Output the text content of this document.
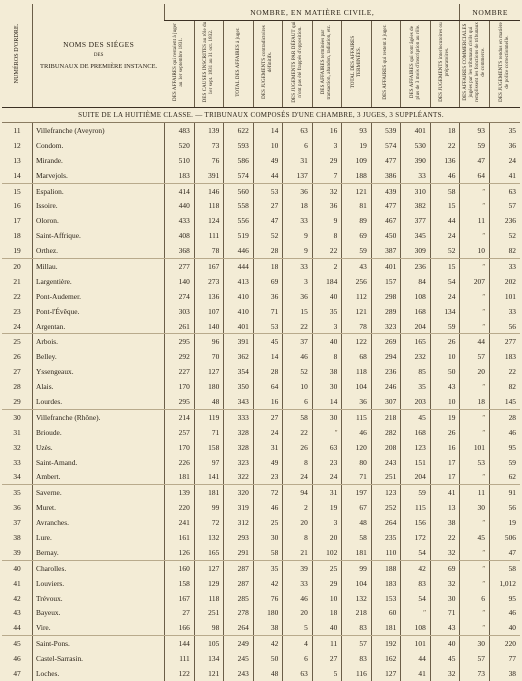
NUMÉROS D'ORDRE.	NOMS DES SIÉGES
DES
TRIBUNAUX DE PREMIÈRE INSTANCE.	NOMBRE, EN MATIÈRE CIVILE,										NOMBRE	

		DES AFFAIRES qui restaient à juger au 1er septembre 1831.	DES CAUSES INSCRITES au rôle du 1er sept. 1831 au 31 oct. 1832.	TOTAL DES AFFAIRES à juger.	DES JUGEMENTS contradictoires définitifs.	DES JUGEMENTS PAR DÉFAUT qui n'ont pas été frappés d'opposition.	DES AFFAIRES terminées par transaction, abandon, radiation, etc.	TOTAL DES AFFAIRES TERMINÉES.	DES AFFAIRES qui restent à juger.	DES AFFAIRES qui sont âgées de plus de 3 mois d'inscription au rôle.	DES JUGEMENTS interlocutoires ou préparatoires.	DES AFFAIRES COMMERCIALES jugées par les tribunaux civils qui remplissent les fonctions de tribunaux de commerce.	DES JUGEMENTS rendus en matière de police correctionnelle.

SUITE DE LA HUITIÈME CLASSE. — TRIBUNAUX COMPOSÉS D'UNE CHAMBRE, 3 JUGES, 3 SUPPLÉANTS.													
11	Villefranche (Aveyron)	483	139	622	14	63	16	93	539	401	18	93	35
12	Condom.	520	73	593	10	6	3	19	574	530	22	59	36
13	Mirande.	510	76	586	49	31	29	109	477	390	136	47	24
14	Marvejols.	183	391	574	44	137	7	188	386	33	46	64	41
15	Espalion.	414	146	560	53	36	32	121	439	310	58	″	63
16	Issoire.	440	118	558	27	18	36	81	477	382	15	″	57
17	Oloron.	433	124	556	47	33	9	89	467	377	44	11	236
18	Saint-Affrique.	408	111	519	52	9	8	69	450	345	24	″	52
19	Orthez.	368	78	446	28	9	22	59	387	309	52	10	82
20	Millau.	277	167	444	18	33	2	43	401	236	15	″	33
21	Largentière.	140	273	413	69	3	184	256	157	84	54	207	202
22	Pont-Audemer.	274	136	410	36	36	40	112	298	108	24	″	101
23	Pont-l'Évêque.	303	107	410	71	15	35	121	289	168	134	″	33
24	Argentan.	261	140	401	53	22	3	78	323	204	59	″	56
25	Arbois.	295	96	391	45	37	40	122	269	165	26	44	277
26	Belley.	292	70	362	14	46	8	68	294	232	10	57	183
27	Yssengeaux.	227	127	354	28	52	38	118	236	85	50	20	22
28	Alais.	170	180	350	64	10	30	104	246	35	43	″	82
29	Lourdes.	295	48	343	16	6	14	36	307	203	10	18	145
30	Villefranche (Rhône).	214	119	333	27	58	30	115	218	45	19	″	28
31	Brioude.	257	71	328	24	22	″	46	282	168	26	″	46
32	Uzès.	170	158	328	31	26	63	120	208	123	16	101	95
33	Saint-Amand.	226	97	323	49	8	23	80	243	151	17	53	59
34	Ambert.	181	141	322	23	24	24	71	251	204	17	″	62
35	Saverne.	139	181	320	72	94	31	197	123	59	41	11	91
36	Muret.	220	99	319	46	2	19	67	252	115	13	30	56
37	Avranches.	241	72	312	25	20	3	48	264	156	38	″	19
38	Lure.	161	132	293	30	8	20	58	235	172	22	45	506
39	Bernay.	126	165	291	58	21	102	181	110	54	32	″	47
40	Charolles.	160	127	287	35	39	25	99	188	42	69	″	58
41	Louviers.	158	129	287	42	33	29	104	183	83	32	″	1,012
42	Trévoux.	167	118	285	76	46	10	132	153	54	30	6	95
43	Bayeux.	27	251	278	180	20	18	218	60	″	71	″	46
44	Vire.	166	98	264	38	5	40	83	181	108	43	″	40
45	Saint-Pons.	144	105	249	42	4	11	57	192	101	40	30	220
46	Castel-Sarrasin.	111	134	245	50	6	27	83	162	44	45	57	77
47	Loches.	122	121	243	48	63	5	116	127	41	32	73	38
